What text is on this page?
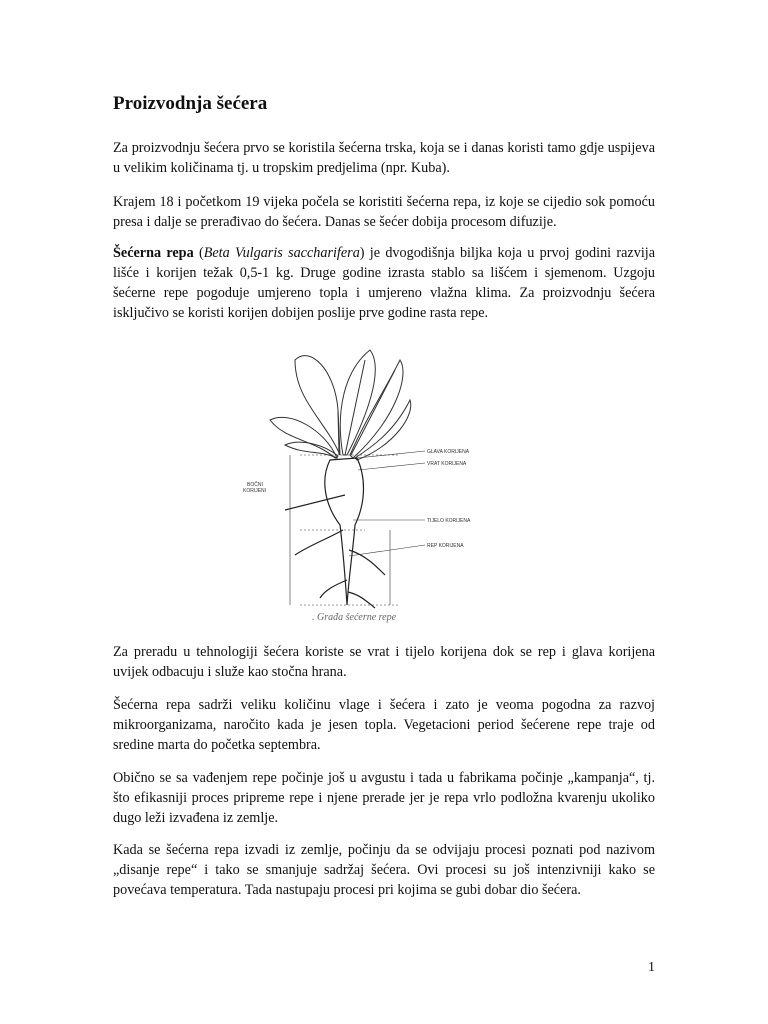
Proizvodnja šećera

Za proizvodnju šećera prvo se koristila šećerna trska, koja se i danas koristi tamo gdje uspijeva u velikim količinama tj. u tropskim predjelima (npr. Kuba).

Krajem 18 i početkom 19 vijeka počela se koristiti šećerna repa, iz koje se cijedio sok pomoću presa i dalje se prerađivao do šećera. Danas se šećer dobija procesom difuzije.

Šećerna repa (Beta Vulgaris saccharifera) je dvogodišnja biljka koja u prvoj godini razvija lišće i korijen težak 0,5-1 kg. Druge godine izrasta stablo sa lišćem i sjemenom. Uzgoju šećerne repe pogoduje umjereno topla i umjereno vlažna klima. Za proizvodnju šećera isključivo se koristi korijen dobijen poslije prve godine rasta repe.

GLAVA KORIJENA
VRAT KORIJENA
TIJELO KORIJENA
REP KORIJENA
BOČNI
KORIJENI
. Građa šećerne repe

Za preradu u tehnologiji šećera koriste se vrat i tijelo korijena dok se rep i glava korijena uvijek odbacuju i služe kao stočna hrana.

Šećerna repa sadrži veliku količinu vlage i šećera i zato je veoma pogodna za razvoj mikroorganizama, naročito kada je jesen topla. Vegetacioni period šećerene repe traje od sredine marta do početka septembra.

Obično se sa vađenjem repe počinje još u avgustu i tada u fabrikama počinje „kampanja“, tj. što efikasniji proces pripreme repe i njene prerade jer je repa vrlo podložna kvarenju ukoliko dugo leži izvađena iz zemlje.

Kada se šećerna repa izvadi iz zemlje, počinju da se odvijaju procesi poznati pod nazivom „disanje repe“ i tako se smanjuje sadržaj šećera. Ovi procesi su još intenzivniji kako se povećava temperatura. Tada nastupaju procesi pri kojima se gubi dobar dio šećera.

1
